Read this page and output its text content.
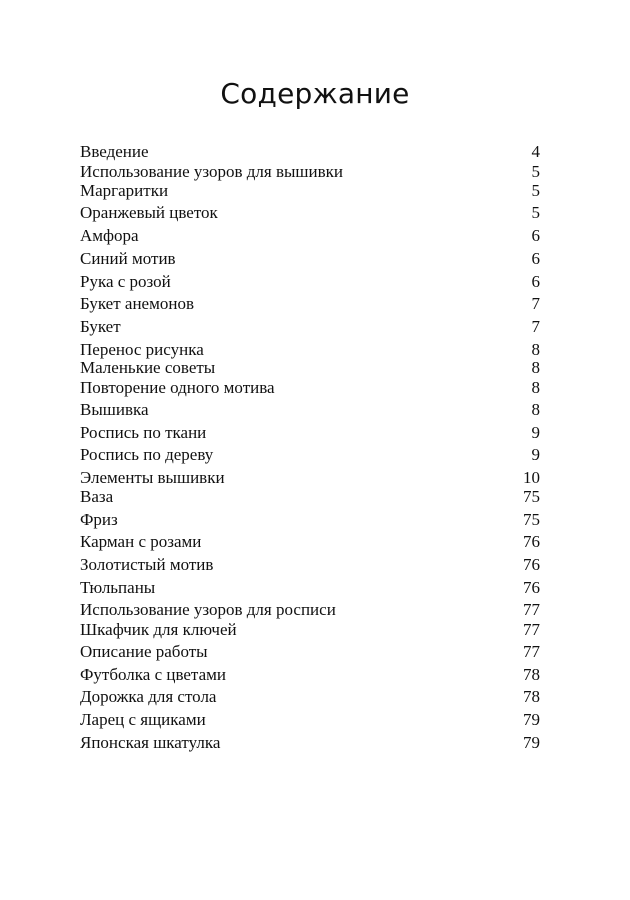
Содержание
Введение	4
Использование узоров для вышивки	5
Маргаритки	5
Оранжевый цветок	5
Амфора	6
Синий мотив	6
Рука с розой	6
Букет анемонов	7
Букет	7
Перенос рисунка	8
Маленькие советы	8
Повторение одного мотива	8
Вышивка	8
Роспись по ткани	9
Роспись по дереву	9
Элементы вышивки	10
Ваза	75
Фриз	75
Карман с розами	76
Золотистый мотив	76
Тюльпаны	76
Использование узоров для росписи	77
Шкафчик для ключей	77
Описание работы	77
Футболка с цветами	78
Дорожка для стола	78
Ларец с ящиками	79
Японская шкатулка	79
